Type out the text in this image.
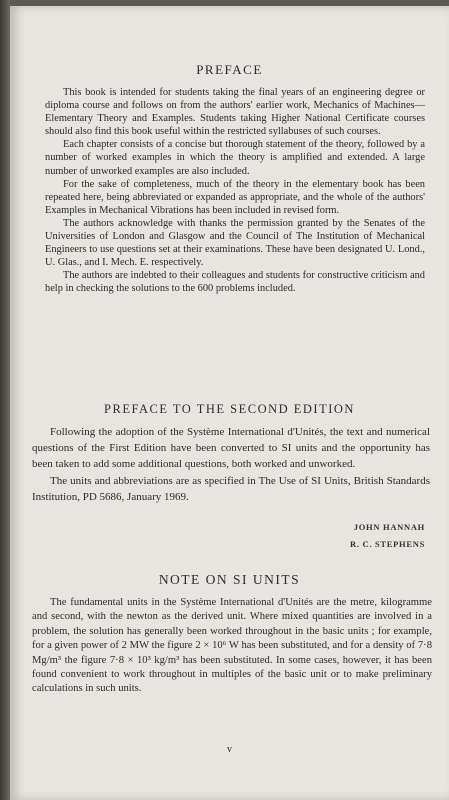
PREFACE

This book is intended for students taking the final years of an engineering degree or diploma course and follows on from the authors' earlier work, Mechanics of Machines—Elementary Theory and Examples. Students taking Higher National Certificate courses should also find this book useful within the restricted syllabuses of such courses.

Each chapter consists of a concise but thorough statement of the theory, followed by a number of worked examples in which the theory is amplified and extended. A large number of unworked examples are also included.

For the sake of completeness, much of the theory in the elementary book has been repeated here, being abbreviated or expanded as appropriate, and the whole of the authors' Examples in Mechanical Vibrations has been included in revised form.

The authors acknowledge with thanks the permission granted by the Senates of the Universities of London and Glasgow and the Council of The Institution of Mechanical Engineers to use questions set at their examinations. These have been designated U. Lond., U. Glas., and I. Mech. E. respectively.

The authors are indebted to their colleagues and students for constructive criticism and help in checking the solutions to the 600 problems included.

PREFACE TO THE SECOND EDITION

Following the adoption of the Système International d'Unités, the text and numerical questions of the First Edition have been converted to SI units and the opportunity has been taken to add some additional questions, both worked and unworked.

The units and abbreviations are as specified in The Use of SI Units, British Standards Institution, PD 5686, January 1969.

JOHN HANNAH
R. C. STEPHENS
NOTE ON SI UNITS

The fundamental units in the Système International d'Unités are the metre, kilogramme and second, with the newton as the derived unit. Where mixed quantities are involved in a problem, the solution has generally been worked throughout in the basic units ; for example, for a given power of 2 MW the figure 2 × 10⁶ W has been substituted, and for a density of 7·8 Mg/m³ the figure 7·8 × 10³ kg/m³ has been substituted. In some cases, however, it has been found convenient to work throughout in multiples of the basic unit or to make preliminary calculations in such units.

v
